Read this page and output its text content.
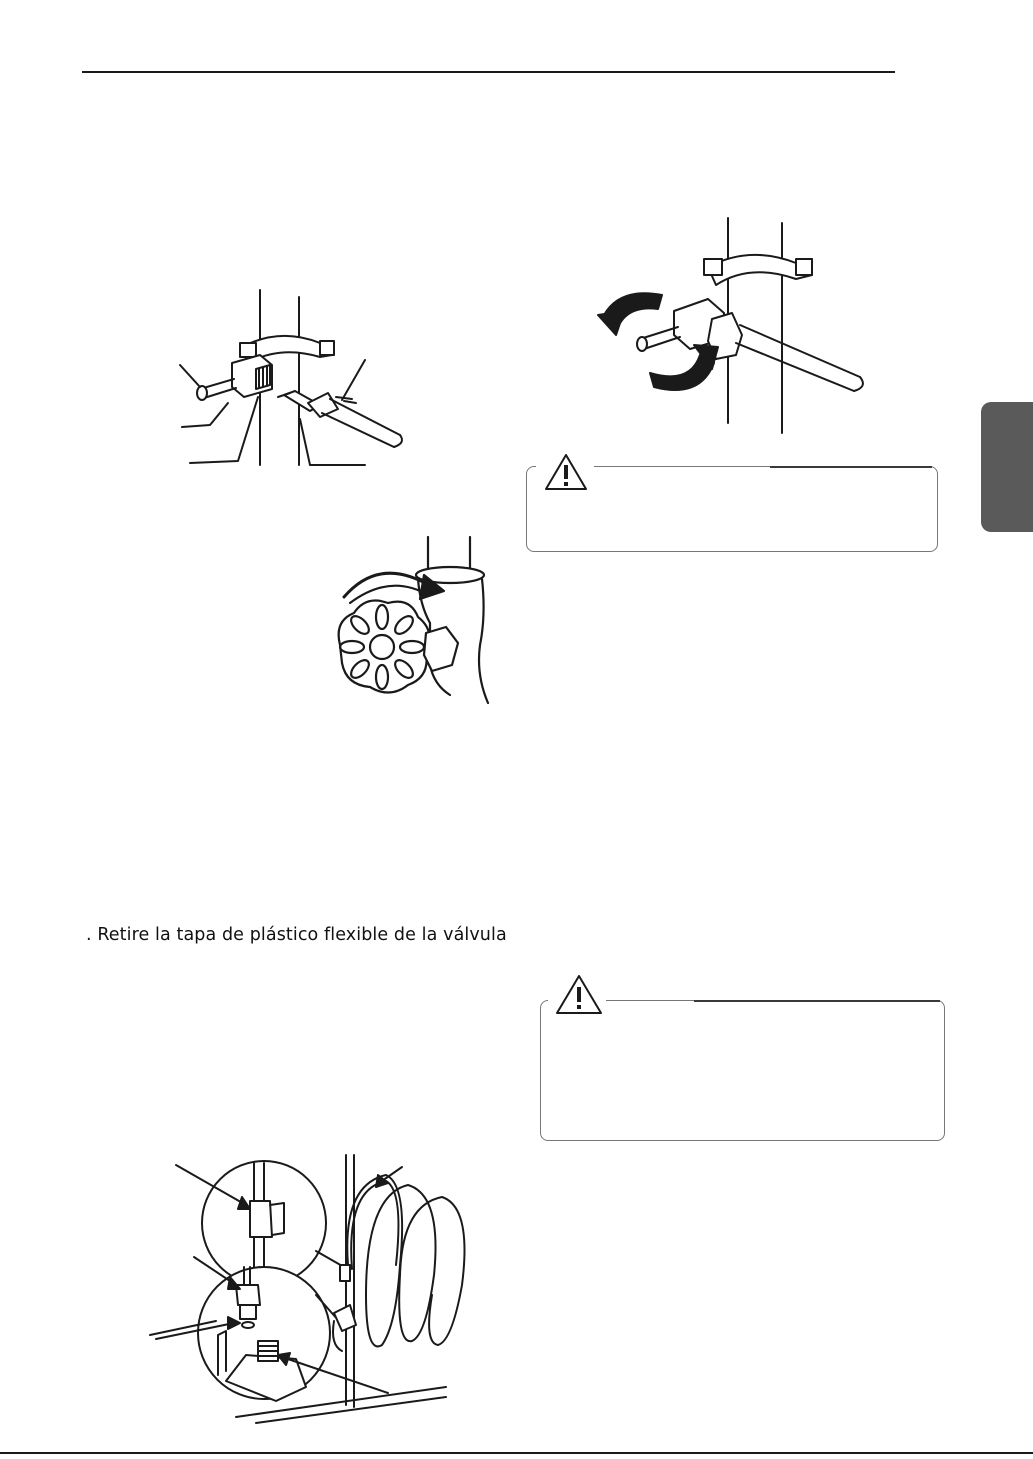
. Retire la tapa de plástico flexible de la válvula
